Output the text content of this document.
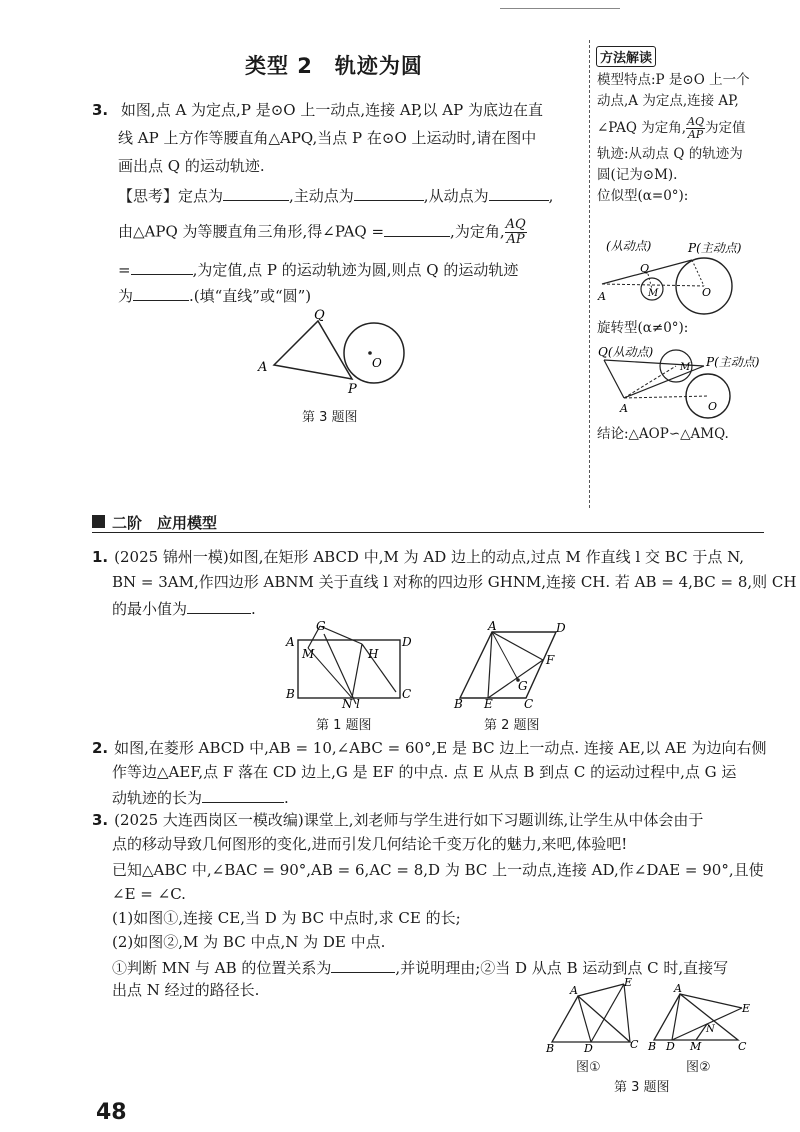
类型 2　轨迹为圆
3. 如图,点 A 为定点,P 是⊙O 上一动点,连接 AP,以 AP 为底边在直
线 AP 上方作等腰直角△APQ,当点 P 在⊙O 上运动时,请在图中
画出点 Q 的运动轨迹.
【思考】定点为	,主动点为	,从动点为	,
由△APQ 为等腰直角三角形,得∠PAQ =	,为定角, $\frac{AQ}{AP}$
=	,为定值,点 P 的运动轨迹为圆,则点 Q 的运动轨迹
为	.(填“直线”或“圆”)
Q
A
P
O
第 3 题图
方法解读
模型特点:P 是⊙O 上一个
动点,A 为定点,连接 AP,
∠PAQ 为定角, $\frac{AQ}{AP}$ 为定值
轨迹:从动点 Q 的轨迹为
圆(记为⊙M).
位似型(α=0°):
(从动点)	P(主动点)
Q
A	M	O
旋转型(α≠0°):
Q(从动点)
P(主动点)
A
M
O
结论:△AOP∽△AMQ.
二阶　应用模型
1. (2025 锦州一模)如图,在矩形 ABCD 中,M 为 AD 边上的动点,过点 M 作直线 l 交 BC 于点 N,
BN = 3AM,作四边形 ABNM 关于直线 l 对称的四边形 GHNM,连接 CH. 若 AB = 4,BC = 8,则 CH
的最小值为	.
G
A	D
M	H
B
N l
C
第 1 题图
A	D
F
G
B E	C
第 2 题图
2. 如图,在菱形 ABCD 中,AB = 10,∠ABC = 60°,E 是 BC 边上一动点. 连接 AE,以 AE 为边向右侧
作等边△AEF,点 F 落在 CD 边上,G 是 EF 的中点. 点 E 从点 B 到点 C 的运动过程中,点 G 运
动轨迹的长为	.
3. (2025 大连西岗区一模改编)课堂上,刘老师与学生进行如下习题训练,让学生从中体会由于
点的移动导致几何图形的变化,进而引发几何结论千变万化的魅力,来吧,体验吧!
已知△ABC 中,∠BAC = 90°,AB = 6,AC = 8,D 为 BC 上一动点,连接 AD,作∠DAE = 90°,且使
∠E = ∠C.
(1)如图①,连接 CE,当 D 为 BC 中点时,求 CE 的长;
(2)如图②,M 为 BC 中点,N 为 DE 中点.
①判断 MN 与 AB 的位置关系为	,并说明理由;②当 D 从点 B 运动到点 C 时,直接写
出点 N 经过的路径长.	A
E
B	D	C
图①
A
E
N
B D M	C
图②
第 3 题图
48
